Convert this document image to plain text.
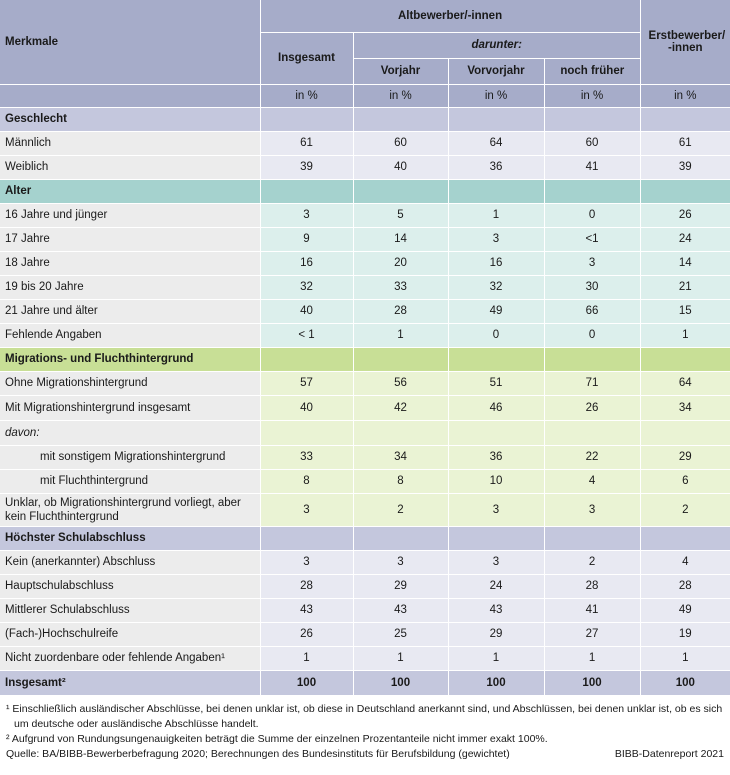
Merkmale	Altbewerber/-innen				Erstbewerber/ -innen
	Insgesamt	darunter:			
		Vorjahr	Vorvorjahr	noch früher	
	in %	in %	in %	in %	in %
Geschlecht					
Männlich	61	60	64	60	61
Weiblich	39	40	36	41	39
Alter					
16 Jahre und jünger	3	5	1	0	26
17 Jahre	9	14	3	<1	24
18 Jahre	16	20	16	3	14
19 bis 20 Jahre	32	33	32	30	21
21 Jahre und älter	40	28	49	66	15
Fehlende Angaben	< 1	1	0	0	1
Migrations- und Fluchthintergrund					
Ohne Migrationshintergrund	57	56	51	71	64
Mit Migrationshintergrund insgesamt	40	42	46	26	34
davon:					
mit sonstigem Migrationshintergrund	33	34	36	22	29
mit Fluchthintergrund	8	8	10	4	6
Unklar, ob Migrationshintergrund vorliegt, aber kein Fluchthintergrund	3	2	3	3	2
Höchster Schulabschluss					
Kein (anerkannter) Abschluss	3	3	3	2	4
Hauptschulabschluss	28	29	24	28	28
Mittlerer Schulabschluss	43	43	43	41	49
(Fach-)Hochschulreife	26	25	29	27	19
Nicht zuordenbare oder fehlende Angaben¹	1	1	1	1	1
Insgesamt²	100	100	100	100	100

¹ Einschließlich ausländischer Abschlüsse, bei denen unklar ist, ob diese in Deutschland anerkannt sind, und Abschlüssen, bei denen unklar ist, ob es sich um deutsche oder ausländische Abschlüsse handelt.

² Aufgrund von Rundungsungenauigkeiten beträgt die Summe der einzelnen Prozentanteile nicht immer exakt 100%.

Quelle: BA/BIBB-Bewerberbefragung 2020; Berechnungen des Bundesinstituts für Berufsbildung (gewichtet)	BIBB-Datenreport 2021
